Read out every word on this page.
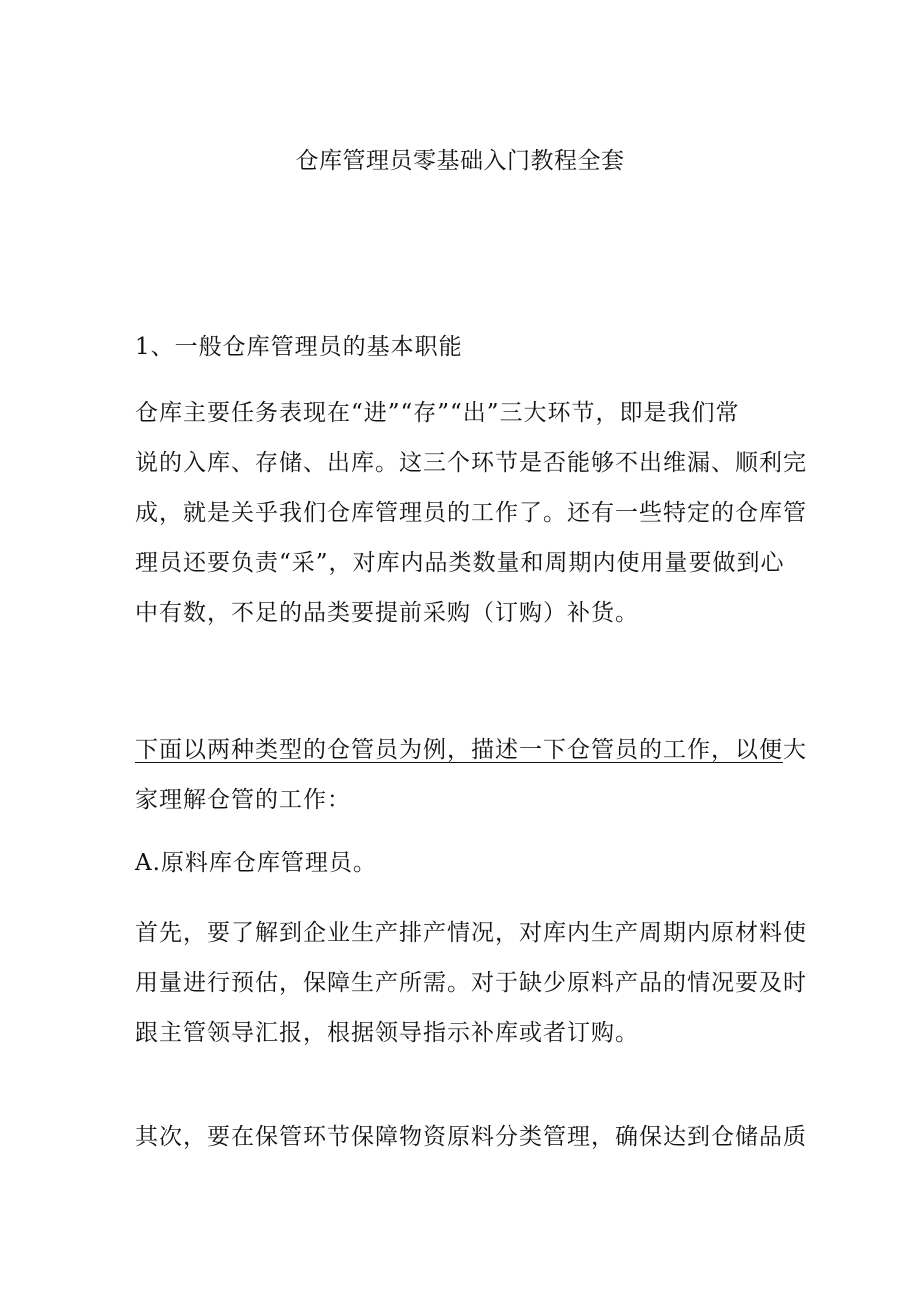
仓库管理员零基础入门教程全套
1、一般仓库管理员的基本职能
仓库主要任务表现在“进”“存”“出”三大环节，即是我们常
说的入库、存储、出库。这三个环节是否能够不出维漏、顺利完
成，就是关乎我们仓库管理员的工作了。还有一些特定的仓库管
理员还要负责“采”，对库内品类数量和周期内使用量要做到心
中有数，不足的品类要提前采购（订购）补货。
下面以两种类型的仓管员为例，描述一下仓管员的工作，以便大
家理解仓管的工作：
A.原料库仓库管理员。
首先，要了解到企业生产排产情况，对库内生产周期内原材料使
用量进行预估，保障生产所需。对于缺少原料产品的情况要及时
跟主管领导汇报，根据领导指示补库或者订购。
其次，要在保管环节保障物资原料分类管理，确保达到仓储品质
